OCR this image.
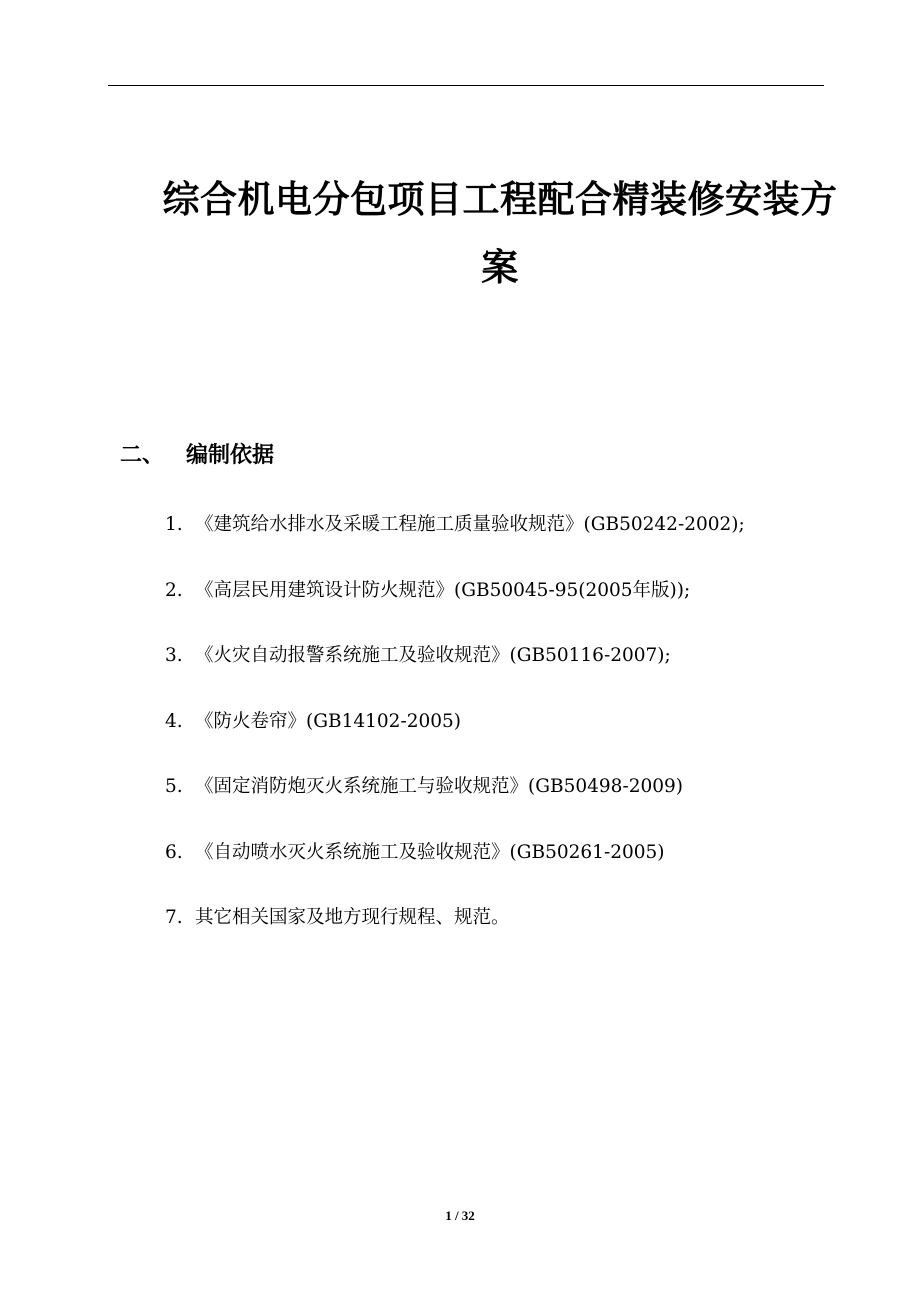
综合机电分包项目工程配合精装修安装方案
二、 编制依据
1. 《建筑给水排水及采暖工程施工质量验收规范》(GB50242-2002);
2. 《高层民用建筑设计防火规范》(GB50045-95(2005年版));
3. 《火灾自动报警系统施工及验收规范》(GB50116-2007);
4. 《防火卷帘》(GB14102-2005)
5. 《固定消防炮灭火系统施工与验收规范》(GB50498-2009)
6. 《自动喷水灭火系统施工及验收规范》(GB50261-2005)
7. 其它相关国家及地方现行规程、规范。
1 / 32
